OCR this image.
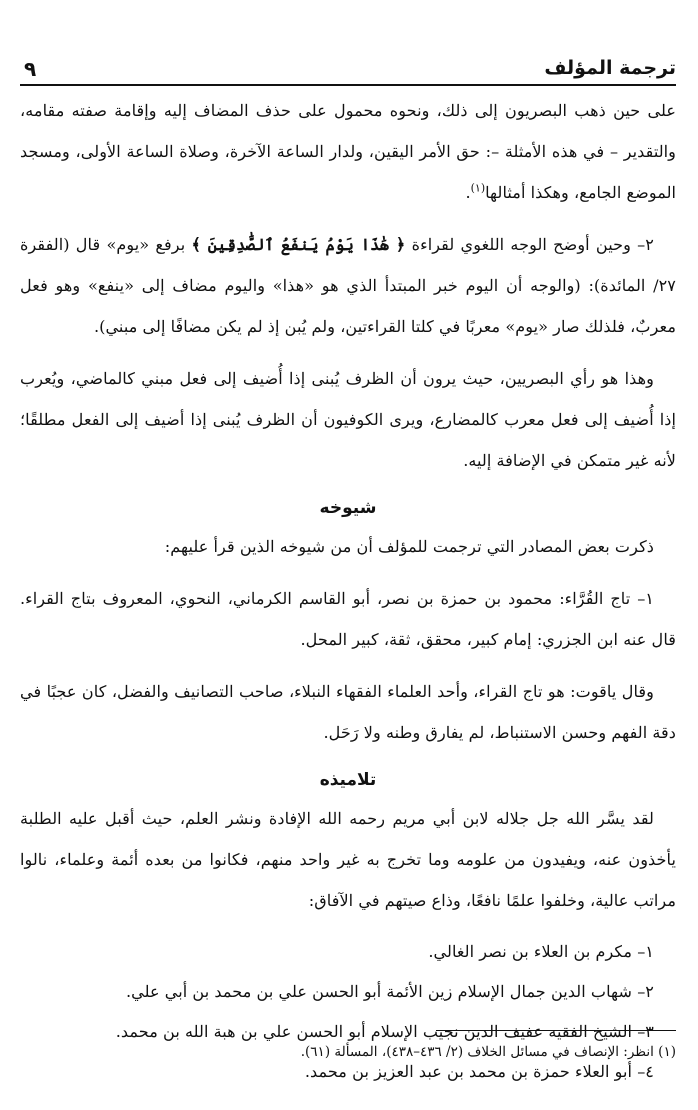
ترجمة المؤلف
٩

على حين ذهب البصريون إلى ذلك، ونحوه محمول على حذف المضاف إليه وإقامة صفته مقامه، والتقدير – في هذه الأمثلة –: حق الأمر اليقين، ولدار الساعة الآخرة، وصلاة الساعة الأولى، ومسجد الموضع الجامع، وهكذا أمثالها$^{(١)}$.

٢– وحين أوضح الوجه اللغوي لقراءة ﴿ هَٰذَا يَوْمُ يَنفَعُ ٱلصَّٰدِقِينَ ﴾ برفع «يوم» قال (الفقرة ٢٧/ المائدة): (والوجه أن اليوم خبر المبتدأ الذي هو «هذا» واليوم مضاف إلى «ينفع» وهو فعل معربٌ، فلذلك صار «يوم» معربًا في كلتا القراءتين، ولم يُبن إذ لم يكن مضافًا إلى مبني).

وهذا هو رأي البصريين، حيث يرون أن الظرف يُبنى إذا أُضيف إلى فعل مبني كالماضي، ويُعرب إذا أُضيف إلى فعل معرب كالمضارع، ويرى الكوفيون أن الظرف يُبنى إذا أضيف إلى الفعل مطلقًا؛ لأنه غير متمكن في الإضافة إليه.

شيوخه

ذكرت بعض المصادر التي ترجمت للمؤلف أن من شيوخه الذين قرأ عليهم:

١– تاج القُرَّاء: محمود بن حمزة بن نصر، أبو القاسم الكرماني، النحوي، المعروف بتاج القراء. قال عنه ابن الجزري: إمام كبير، محقق، ثقة، كبير المحل.

وقال ياقوت: هو تاج القراء، وأحد العلماء الفقهاء النبلاء، صاحب التصانيف والفضل، كان عجبًا في دقة الفهم وحسن الاستنباط، لم يفارق وطنه ولا رَحَل.

تلاميذه

لقد يسَّر الله جل جلاله لابن أبي مريم رحمه الله الإفادة ونشر العلم، حيث أقبل عليه الطلبة يأخذون عنه، ويفيدون من علومه وما تخرج به غير واحد منهم، فكانوا من بعده أئمة وعلماء، نالوا مراتب عالية، وخلفوا علمًا نافعًا، وذاع صيتهم في الآفاق:

١– مكرم بن العلاء بن نصر الغالي.
٢– شهاب الدين جمال الإسلام زين الأئمة أبو الحسن علي بن محمد بن أبي علي.
٣– الشيخ الفقيه عفيف الدين نجيب الإسلام أبو الحسن علي بن هبة الله بن محمد.
٤– أبو العلاء حمزة بن محمد بن عبد العزيز بن محمد.
(١) انظر: الإنصاف في مسائل الخلاف (٢/ ٤٣٦–٤٣٨)، المسألة (٦١).
